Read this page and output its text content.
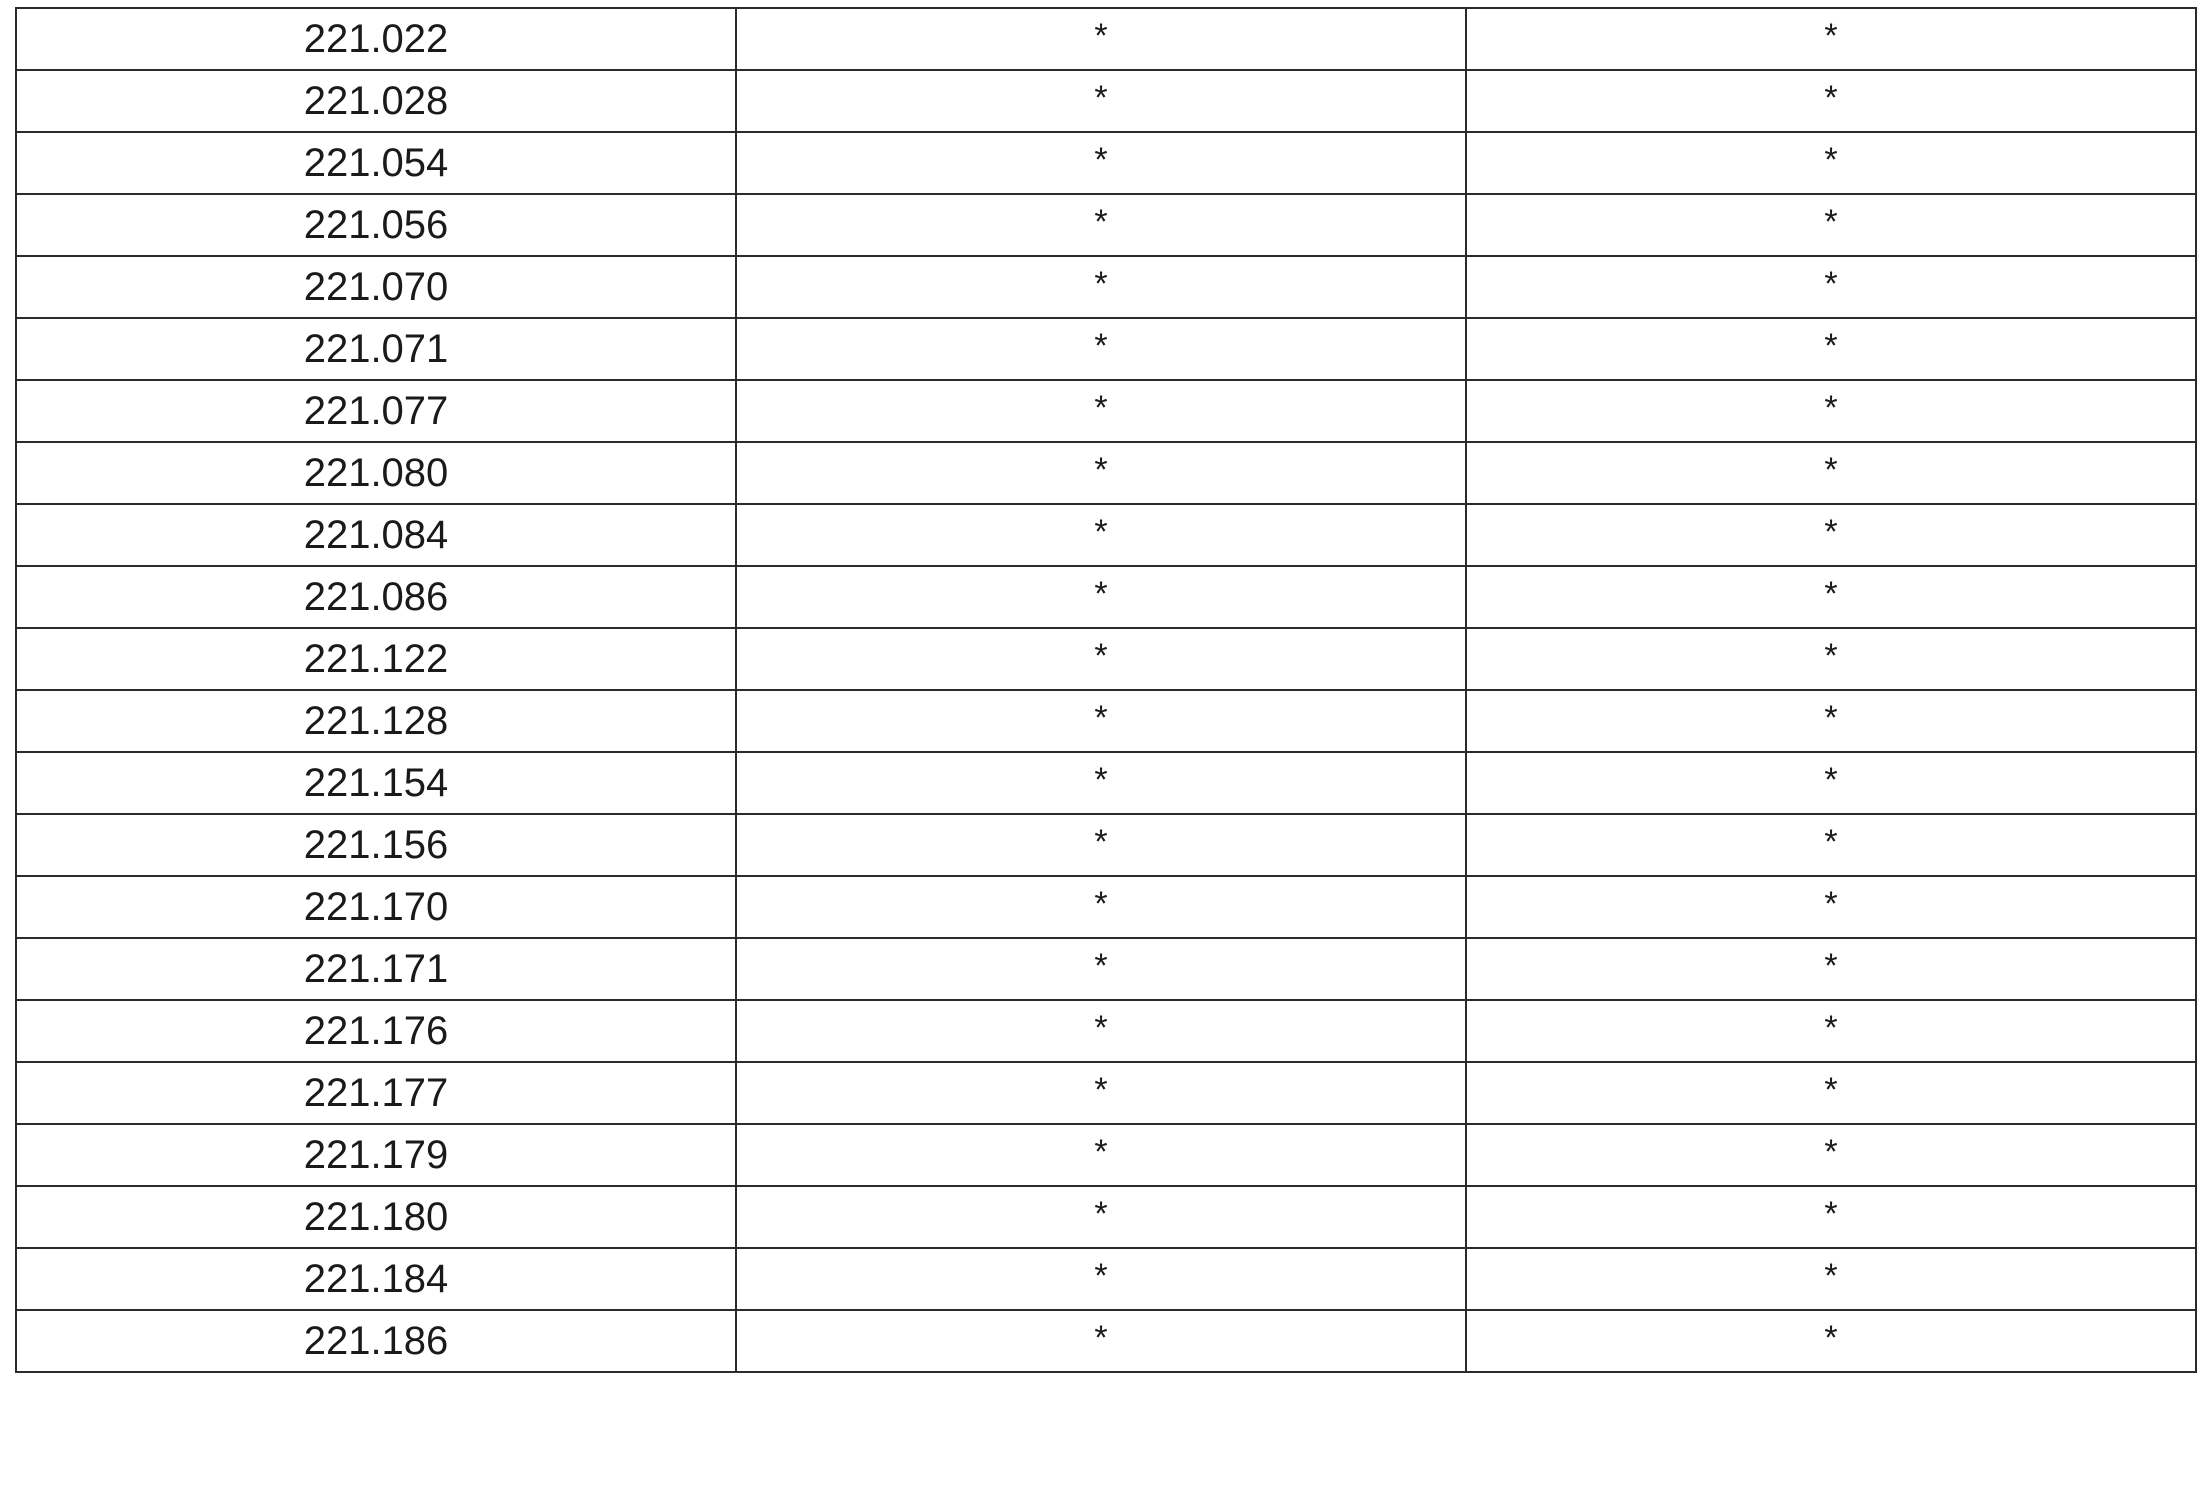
221.022	*	*
221.028	*	*
221.054	*	*
221.056	*	*
221.070	*	*
221.071	*	*
221.077	*	*
221.080	*	*
221.084	*	*
221.086	*	*
221.122	*	*
221.128	*	*
221.154	*	*
221.156	*	*
221.170	*	*
221.171	*	*
221.176	*	*
221.177	*	*
221.179	*	*
221.180	*	*
221.184	*	*
221.186	*	*
